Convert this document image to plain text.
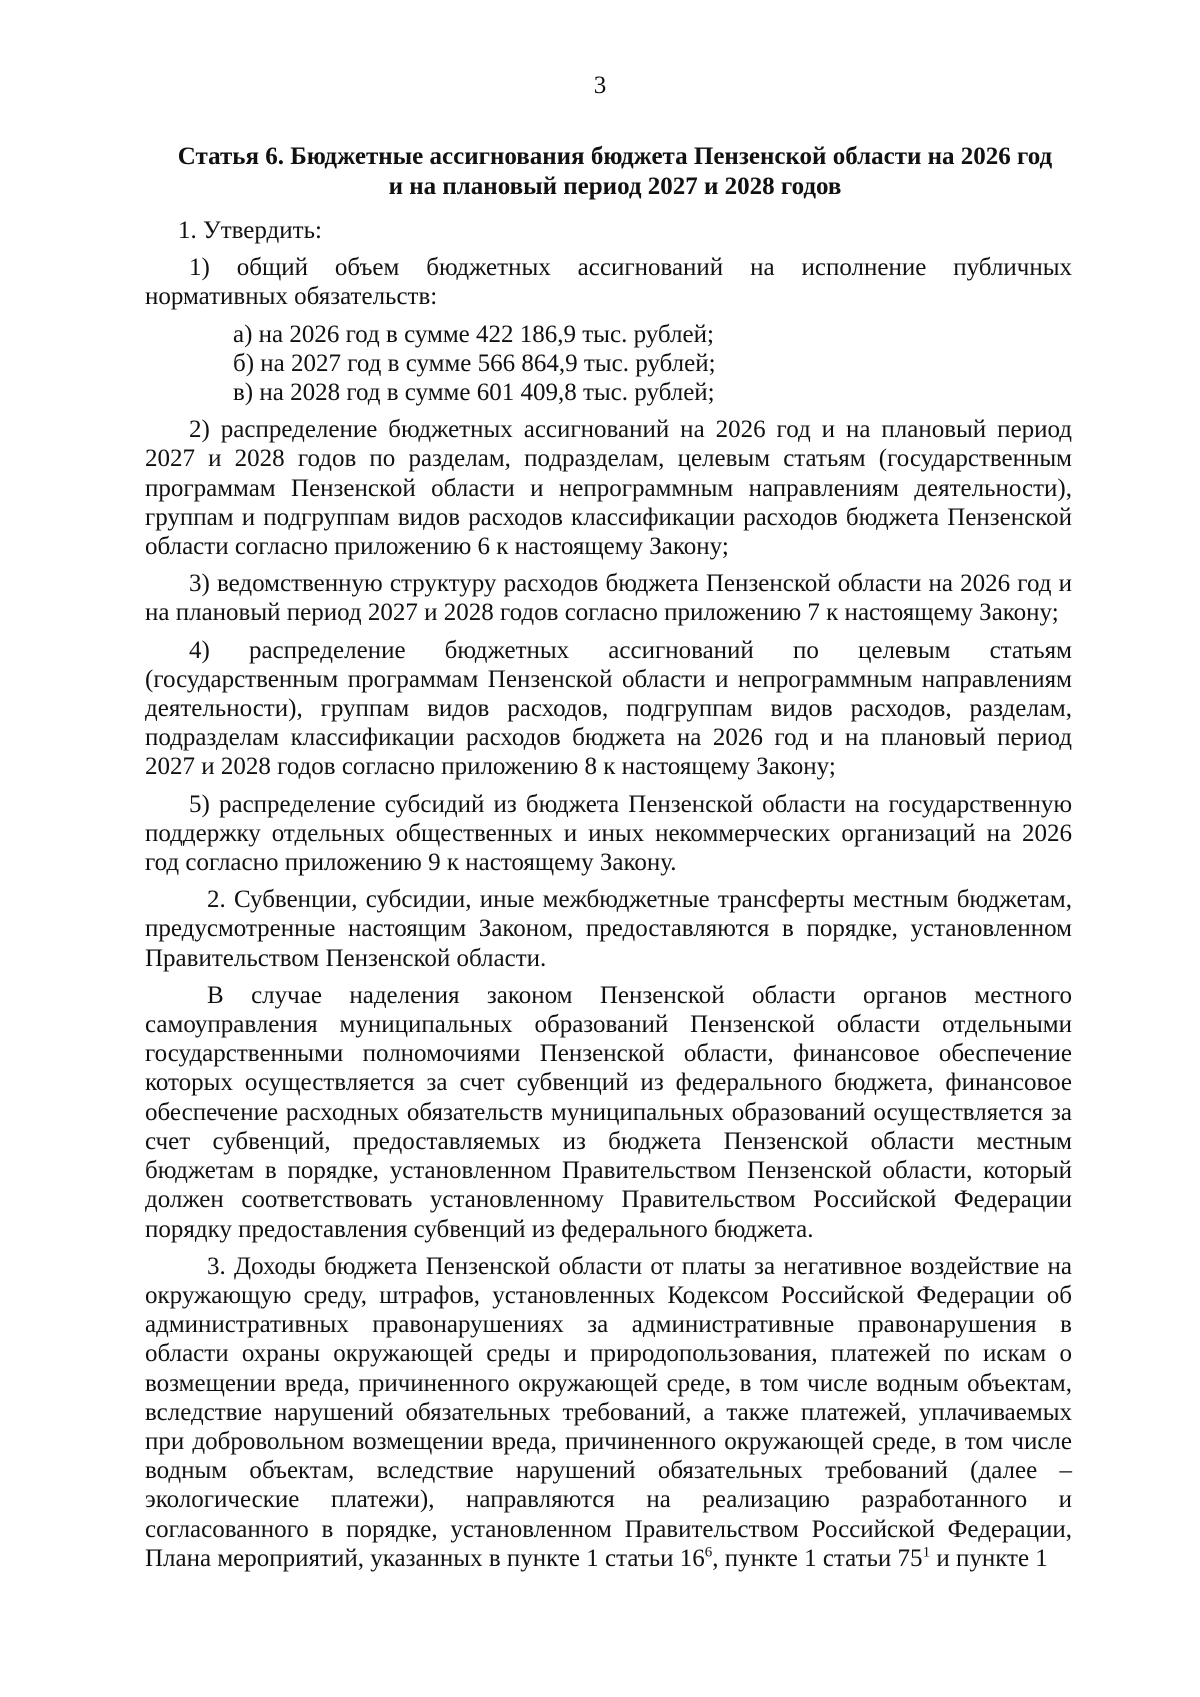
3
Статья 6. Бюджетные ассигнования бюджета Пензенской области на 2026 год
и на плановый период 2027 и 2028 годов

1. Утвердить:

1) общий объем бюджетных ассигнований на исполнение публичных нормативных обязательств:

а) на 2026 год в сумме 422 186,9 тыс. рублей;

б) на 2027 год в сумме 566 864,9 тыс. рублей;

в) на 2028 год в сумме 601 409,8 тыс. рублей;

2) распределение бюджетных ассигнований на 2026 год и на плановый период 2027 и 2028 годов по разделам, подразделам, целевым статьям (государственным программам Пензенской области и непрограммным направлениям деятельности), группам и подгруппам видов расходов классификации расходов бюджета Пензенской области согласно приложению 6 к настоящему Закону;

3) ведомственную структуру расходов бюджета Пензенской области на 2026 год и на плановый период 2027 и 2028 годов согласно приложению 7 к настоящему Закону;

4) распределение бюджетных ассигнований по целевым статьям (государственным программам Пензенской области и непрограммным направлениям деятельности), группам видов расходов, подгруппам видов расходов, разделам, подразделам классификации расходов бюджета на 2026 год и на плановый период 2027 и 2028 годов согласно приложению 8 к настоящему Закону;

5) распределение субсидий из бюджета Пензенской области на государственную поддержку отдельных общественных и иных некоммерческих организаций на 2026 год согласно приложению 9 к настоящему Закону.

2. Субвенции, субсидии, иные межбюджетные трансферты местным бюджетам, предусмотренные настоящим Законом, предоставляются в порядке, установленном Правительством Пензенской области.

В случае наделения законом Пензенской области органов местного самоуправления муниципальных образований Пензенской области отдельными государственными полномочиями Пензенской области, финансовое обеспечение которых осуществляется за счет субвенций из федерального бюджета, финансовое обеспечение расходных обязательств муниципальных образований осуществляется за счет субвенций, предоставляемых из бюджета Пензенской области местным бюджетам в порядке, установленном Правительством Пензенской области, который должен соответствовать установленному Правительством Российской Федерации порядку предоставления субвенций из федерального бюджета.

3. Доходы бюджета Пензенской области от платы за негативное воздействие на окружающую среду, штрафов, установленных Кодексом Российской Федерации об административных правонарушениях за административные правонарушения в области охраны окружающей среды и природопользования, платежей по искам о возмещении вреда, причиненного окружающей среде, в том числе водным объектам, вследствие нарушений обязательных требований, а также платежей, уплачиваемых при добровольном возмещении вреда, причиненного окружающей среде, в том числе водным объектам, вследствие нарушений обязательных требований (далее – экологические платежи), направляются на реализацию разработанного и согласованного в порядке, установленном Правительством Российской Федерации, Плана мероприятий, указанных в пункте 1 статьи $16^6$, пункте 1 статьи $75^1$ и пункте 1
